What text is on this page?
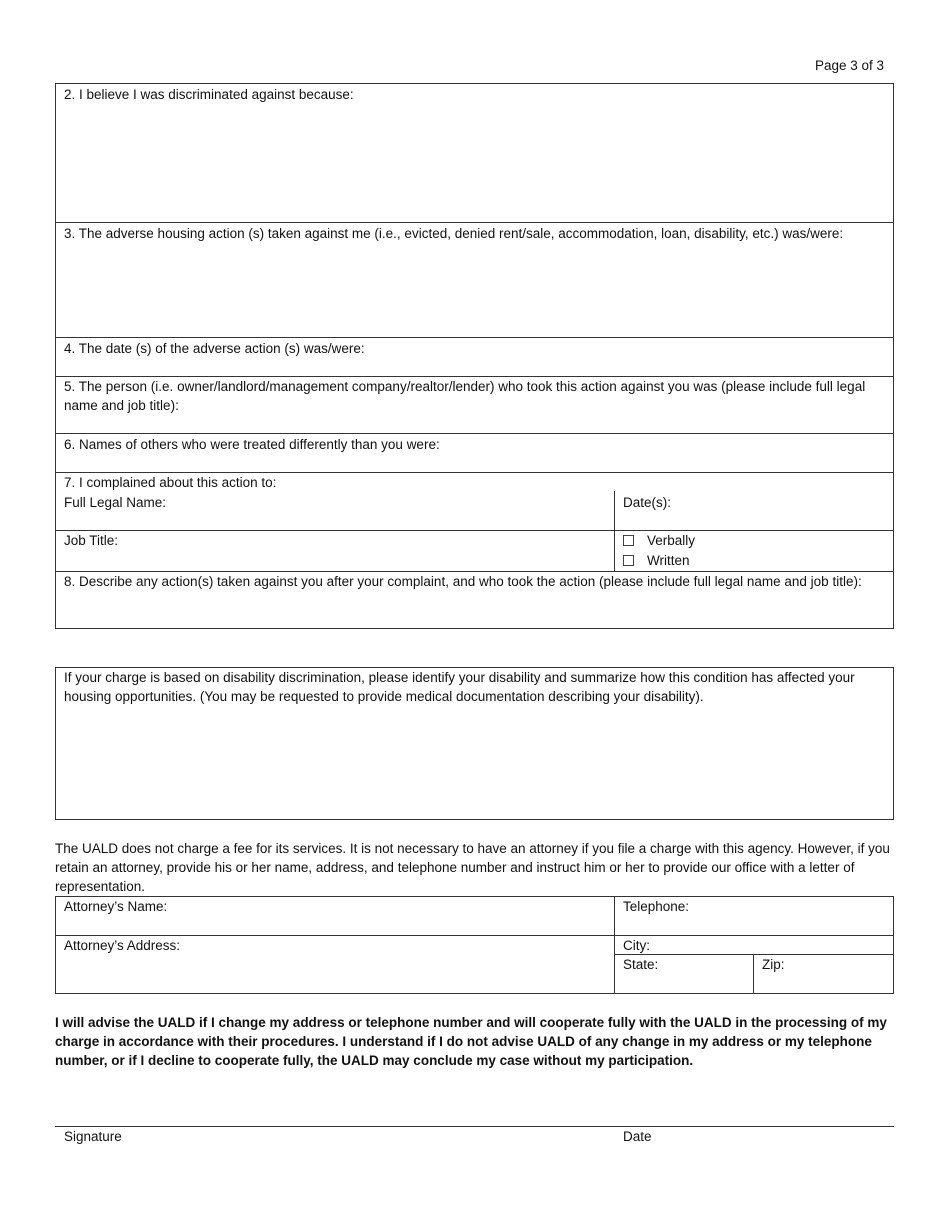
Page 3 of 3
2. I believe I was discriminated against because:
3. The adverse housing action (s) taken against me (i.e., evicted, denied rent/sale, accommodation, loan, disability, etc.) was/were:
4. The date (s) of the adverse action (s) was/were:
5. The person (i.e. owner/landlord/management company/realtor/lender) who took this action against you was (please include full legal name and job title):
6. Names of others who were treated differently than you were:
7. I complained about this action to:
Full Legal Name:	Date(s):
Job Title:	Verbally
Written
8. Describe any action(s) taken against you after your complaint, and who took the action (please include full legal name and job title):
If your charge is based on disability discrimination, please identify your disability and summarize how this condition has affected your housing opportunities. (You may be requested to provide medical documentation describing your disability).
The UALD does not charge a fee for its services. It is not necessary to have an attorney if you file a charge with this agency. However, if you retain an attorney, provide his or her name, address, and telephone number and instruct him or her to provide our office with a letter of representation.
Attorney’s Name:	Telephone:
Attorney’s Address:	City:
State:	Zip:
I will advise the UALD if I change my address or telephone number and will cooperate fully with the UALD in the processing of my charge in accordance with their procedures. I understand if I do not advise UALD of any change in my address or my telephone number, or if I decline to cooperate fully, the UALD may conclude my case without my participation.
Signature	Date
